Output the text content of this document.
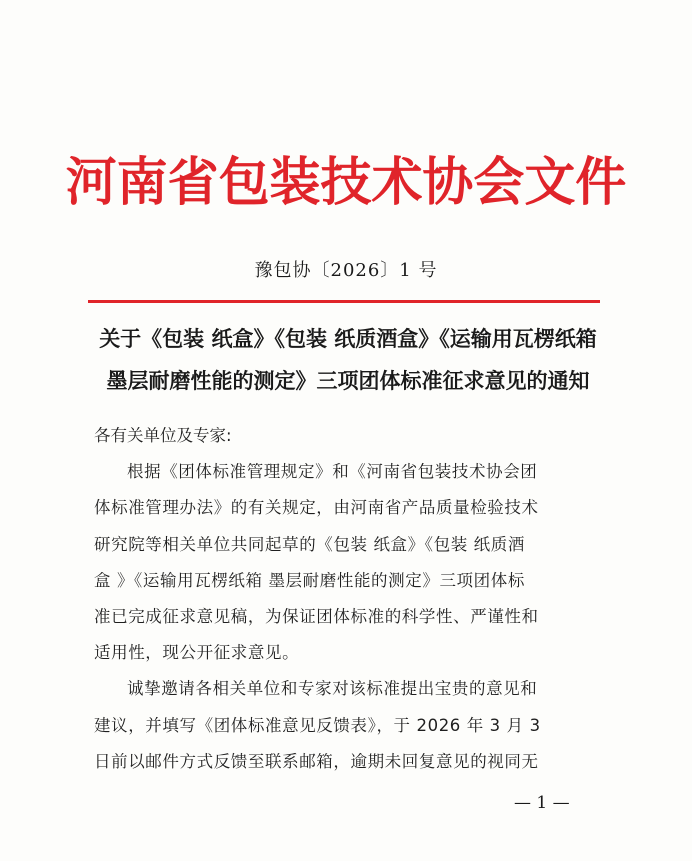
河南省包装技术协会文件
豫包协〔2026〕1 号
关于《包装 纸盒》《包装 纸质酒盒》《运输用瓦楞纸箱
墨层耐磨性能的测定》三项团体标准征求意见的通知
各有关单位及专家:
根据《团体标准管理规定》和《河南省包装技术协会团
体标准管理办法》的有关规定，由河南省产品质量检验技术
研究院等相关单位共同起草的《包装 纸盒》《包装 纸质酒
盒 》《运输用瓦楞纸箱 墨层耐磨性能的测定》三项团体标
准已完成征求意见稿，为保证团体标准的科学性、严谨性和
适用性，现公开征求意见。
诚挚邀请各相关单位和专家对该标准提出宝贵的意见和
建议，并填写《团体标准意见反馈表》，于 2026 年 3 月 3
日前以邮件方式反馈至联系邮箱，逾期未回复意见的视同无
— 1 —
